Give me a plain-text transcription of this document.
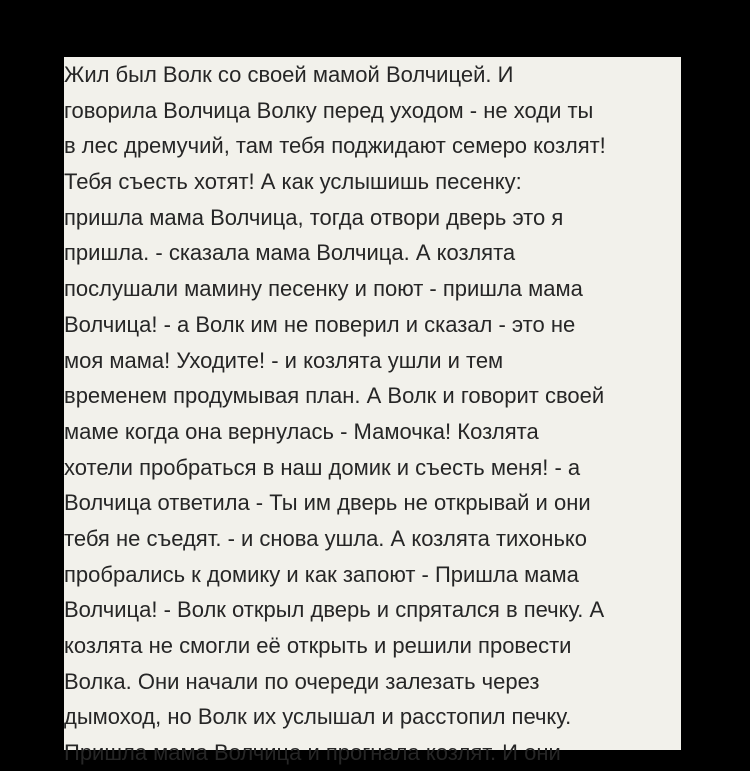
Жил был Волк со своей мамой Волчицей. И
говорила Волчица Волку перед уходом - не ходи ты
в лес дремучий, там тебя поджидают семеро козлят!
Тебя съесть хотят! А как услышишь песенку:
пришла мама Волчица, тогда отвори дверь это я
пришла. - сказала мама Волчица. А козлята
послушали мамину песенку и поют - пришла мама
Волчица! - а Волк им не поверил и сказал - это не
моя мама! Уходите! - и козлята ушли и тем
временем продумывая план. А Волк и говорит своей
маме когда она вернулась - Мамочка! Козлята
хотели пробраться в наш домик и съесть меня! - а
Волчица ответила - Ты им дверь не открывай и они
тебя не съедят. - и снова ушла. А козлята тихонько
пробрались к домику и как запоют - Пришла мама
Волчица! - Волк открыл дверь и спрятался в печку. А
козлята не смогли её открыть и решили провести
Волка. Они начали по очереди залезать через
дымоход, но Волк их услышал и расстопил печку.
Пришла мама Волчица и прогнала козлят. И они
